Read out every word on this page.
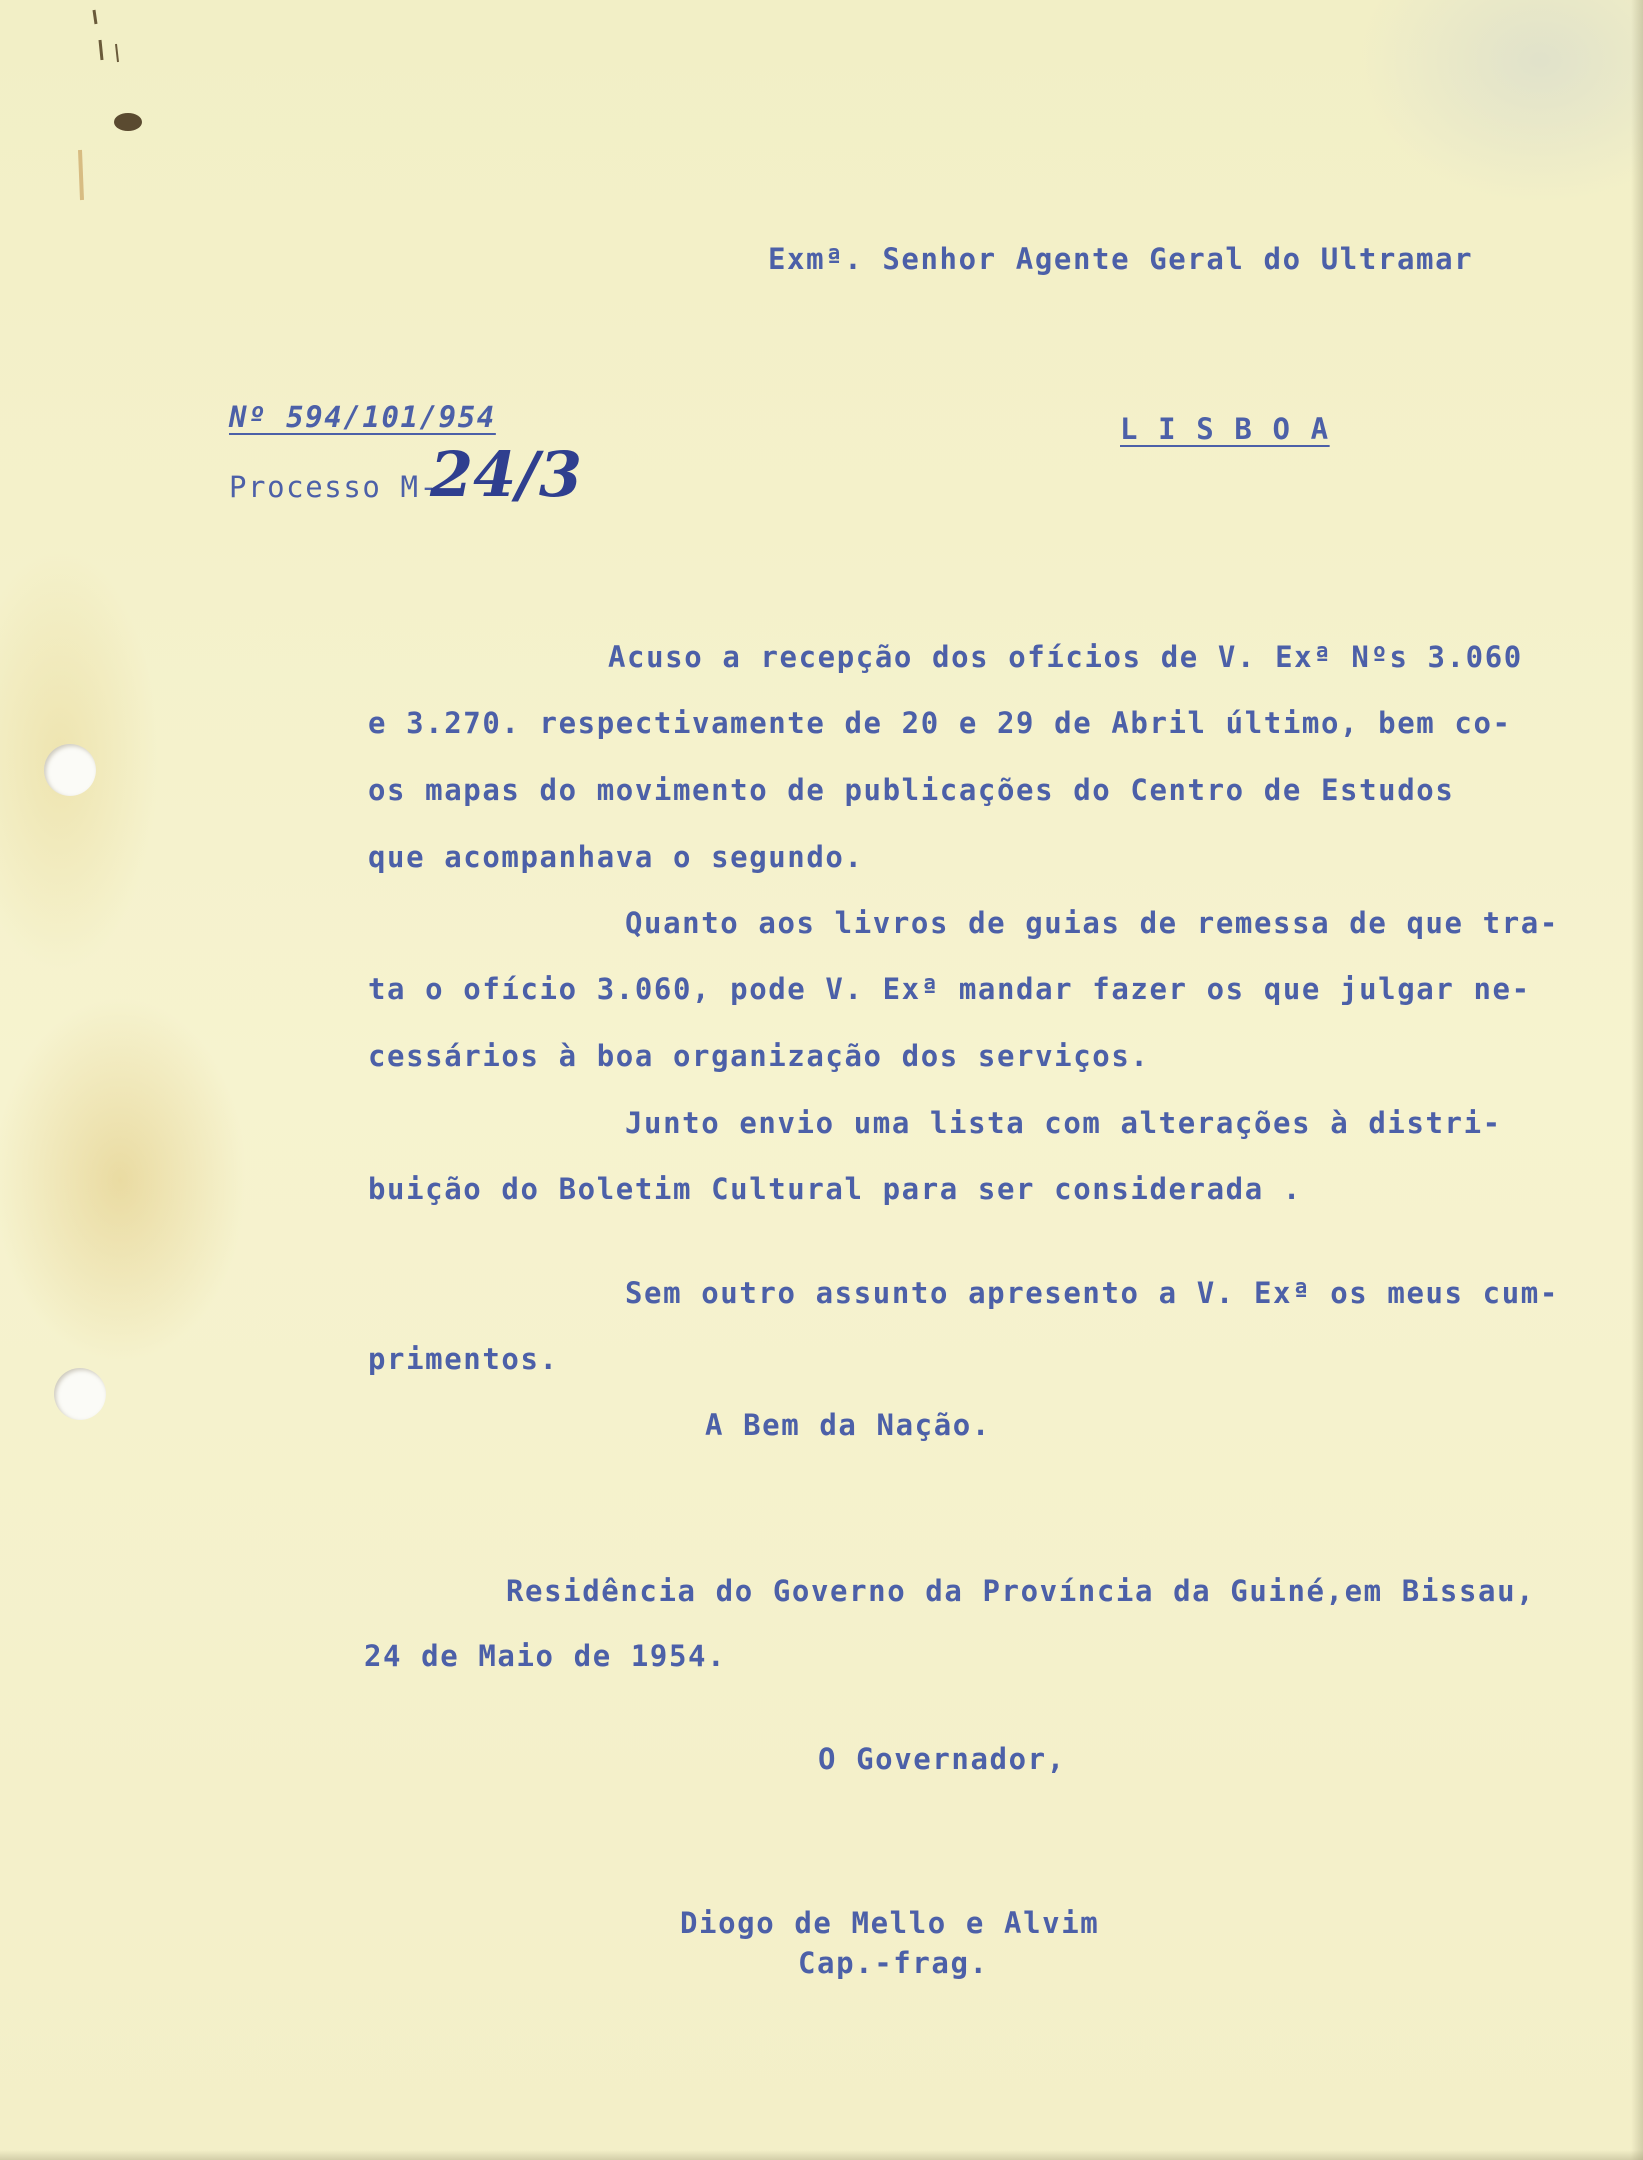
Exmª. Senhor Agente Geral do Ultramar
Nº 594/101/954
Processo M-
24/3
L I S B O A
Acuso a recepção dos ofícios de V. Exª Nºs 3.060
e 3.270. respectivamente de 20 e 29 de Abril último, bem co-
os mapas do movimento de publicações do Centro de Estudos
que acompanhava o segundo.
Quanto aos livros de guias de remessa de que tra-
ta o ofício 3.060, pode V. Exª mandar fazer os que julgar ne-
cessários à boa organização dos serviços.
Junto envio uma lista com alterações à distri-
buição do Boletim Cultural para ser considerada .
Sem outro assunto apresento a V. Exª os meus cum-
primentos.
A Bem da Nação.
Residência do Governo da Província da Guiné,em Bissau,
24 de Maio de 1954.
O Governador,
Diogo de Mello e Alvim
Cap.-frag.
